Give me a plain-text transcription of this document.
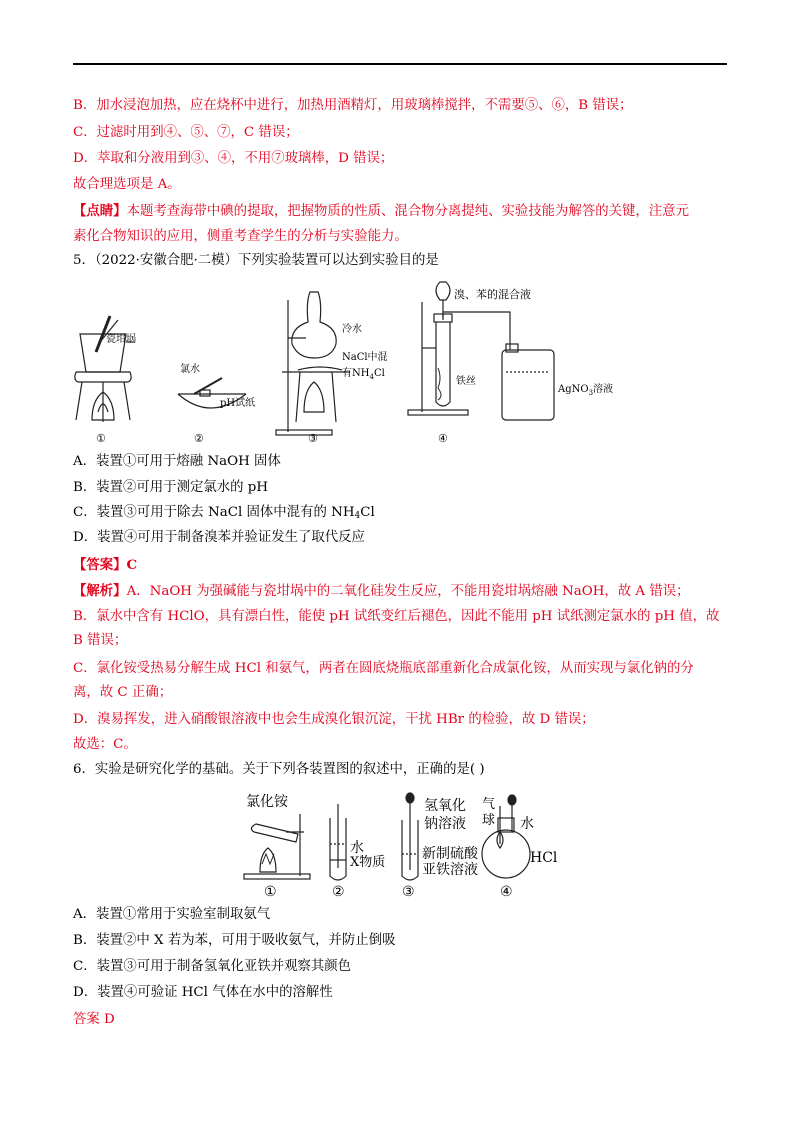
B．加水浸泡加热，应在烧杯中进行，加热用酒精灯，用玻璃棒搅拌，不需要⑤、⑥，B 错误；
C．过滤时用到④、⑤、⑦，C 错误；
D．萃取和分液用到③、④，不用⑦玻璃棒，D 错误；
故合理选项是 A。
【点睛】本题考查海带中碘的提取，把握物质的性质、混合物分离提纯、实验技能为解答的关键，注意元
素化合物知识的应用，侧重考查学生的分析与实验能力。
5．（2022·安徽合肥·二模）下列实验装置可以达到实验目的是
瓷坩埚
氯水
pH试纸
冷水
NaCl中混
有$NH_4Cl$
溴、苯的混合液
铁丝
AgNO$_3$溶液
①	②	③	④
A．装置①可用于熔融 NaOH 固体
B．装置②可用于测定氯水的 pH
C．装置③可用于除去 NaCl 固体中混有的 $NH_4Cl$
D．装置④可用于制备溴苯并验证发生了取代反应
【答案】C
【解析】A．NaOH 为强碱能与瓷坩埚中的二氧化硅发生反应，不能用瓷坩埚熔融 NaOH，故 A 错误；
B．氯水中含有 HClO，具有漂白性，能使 pH 试纸变红后褪色，因此不能用 pH 试纸测定氯水的 pH 值，故
B 错误；
C．氯化铵受热易分解生成 HCl 和氨气，两者在圆底烧瓶底部重新化合成氯化铵，从而实现与氯化钠的分
离，故 C 正确；
D．溴易挥发，进入硝酸银溶液中也会生成溴化银沉淀，干扰 HBr 的检验，故 D 错误；
故选：C。
6．实验是研究化学的基础。关于下列各装置图的叙述中，正确的是( )
氯化铵
水
X物质
氢氧化
钠溶液
新制硫酸
亚铁溶液
气
球 水
HCl
①	②	③	④
A．装置①常用于实验室制取氨气
B．装置②中 X 若为苯，可用于吸收氨气，并防止倒吸
C．装置③可用于制备氢氧化亚铁并观察其颜色
D．装置④可验证 HCl 气体在水中的溶解性
答案 D
